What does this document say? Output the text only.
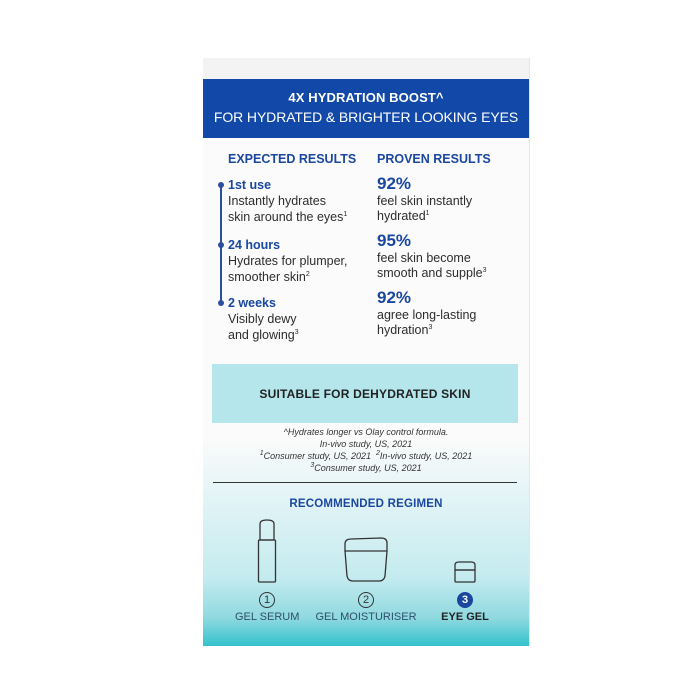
4X HYDRATION BOOST^
FOR HYDRATED & BRIGHTER LOOKING EYES
EXPECTED RESULTS
1st use
Instantly hydrates
skin around the eyes$^1$
24 hours
Hydrates for plumper,
smoother skin$^2$
2 weeks
Visibly dewy
and glowing$^3$
PROVEN RESULTS
92%
feel skin instantly
hydrated$^1$
95%
feel skin become
smooth and supple$^3$
92%
agree long-lasting
hydration$^3$
SUITABLE FOR DEHYDRATED SKIN
^Hydrates longer vs Olay control formula.
In-vivo study, US, 2021
$^1$Consumer study, US, 2021 $^2$In-vivo study, US, 2021
$^3$Consumer study, US, 2021
RECOMMENDED REGIMEN
1
GEL SERUM
2
GEL MOISTURISER
3
EYE GEL
